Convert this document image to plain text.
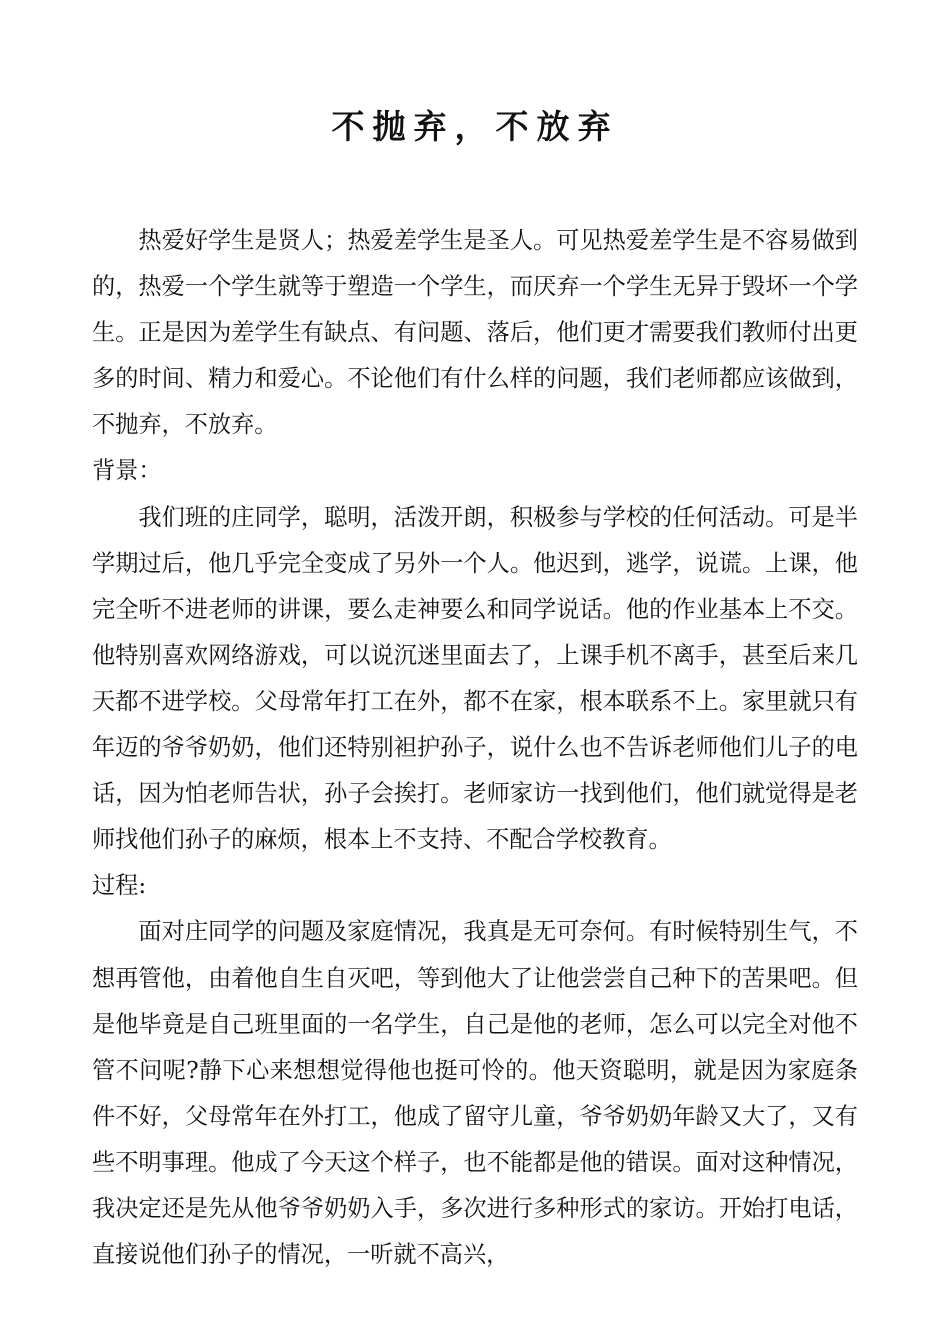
不抛弃，不放弃

热爱好学生是贤人；热爱差学生是圣人。可见热爱差学生是不容易做到的，热爱一个学生就等于塑造一个学生，而厌弃一个学生无异于毁坏一个学生。正是因为差学生有缺点、有问题、落后，他们更才需要我们教师付出更多的时间、精力和爱心。不论他们有什么样的问题，我们老师都应该做到，不抛弃，不放弃。

背景：

我们班的庄同学，聪明，活泼开朗，积极参与学校的任何活动。可是半学期过后，他几乎完全变成了另外一个人。他迟到，逃学，说谎。上课，他完全听不进老师的讲课，要么走神要么和同学说话。他的作业基本上不交。他特别喜欢网络游戏，可以说沉迷里面去了，上课手机不离手，甚至后来几天都不进学校。父母常年打工在外，都不在家，根本联系不上。家里就只有年迈的爷爷奶奶，他们还特别袒护孙子，说什么也不告诉老师他们儿子的电话，因为怕老师告状，孙子会挨打。老师家访一找到他们，他们就觉得是老师找他们孙子的麻烦，根本上不支持、不配合学校教育。

过程:

面对庄同学的问题及家庭情况，我真是无可奈何。有时候特别生气，不想再管他，由着他自生自灭吧，等到他大了让他尝尝自己种下的苦果吧。但是他毕竟是自己班里面的一名学生，自己是他的老师，怎么可以完全对他不管不问呢?静下心来想想觉得他也挺可怜的。他天资聪明，就是因为家庭条件不好，父母常年在外打工，他成了留守儿童，爷爷奶奶年龄又大了，又有些不明事理。他成了今天这个样子，也不能都是他的错误。面对这种情况，我决定还是先从他爷爷奶奶入手，多次进行多种形式的家访。开始打电话，直接说他们孙子的情况，一听就不高兴，
